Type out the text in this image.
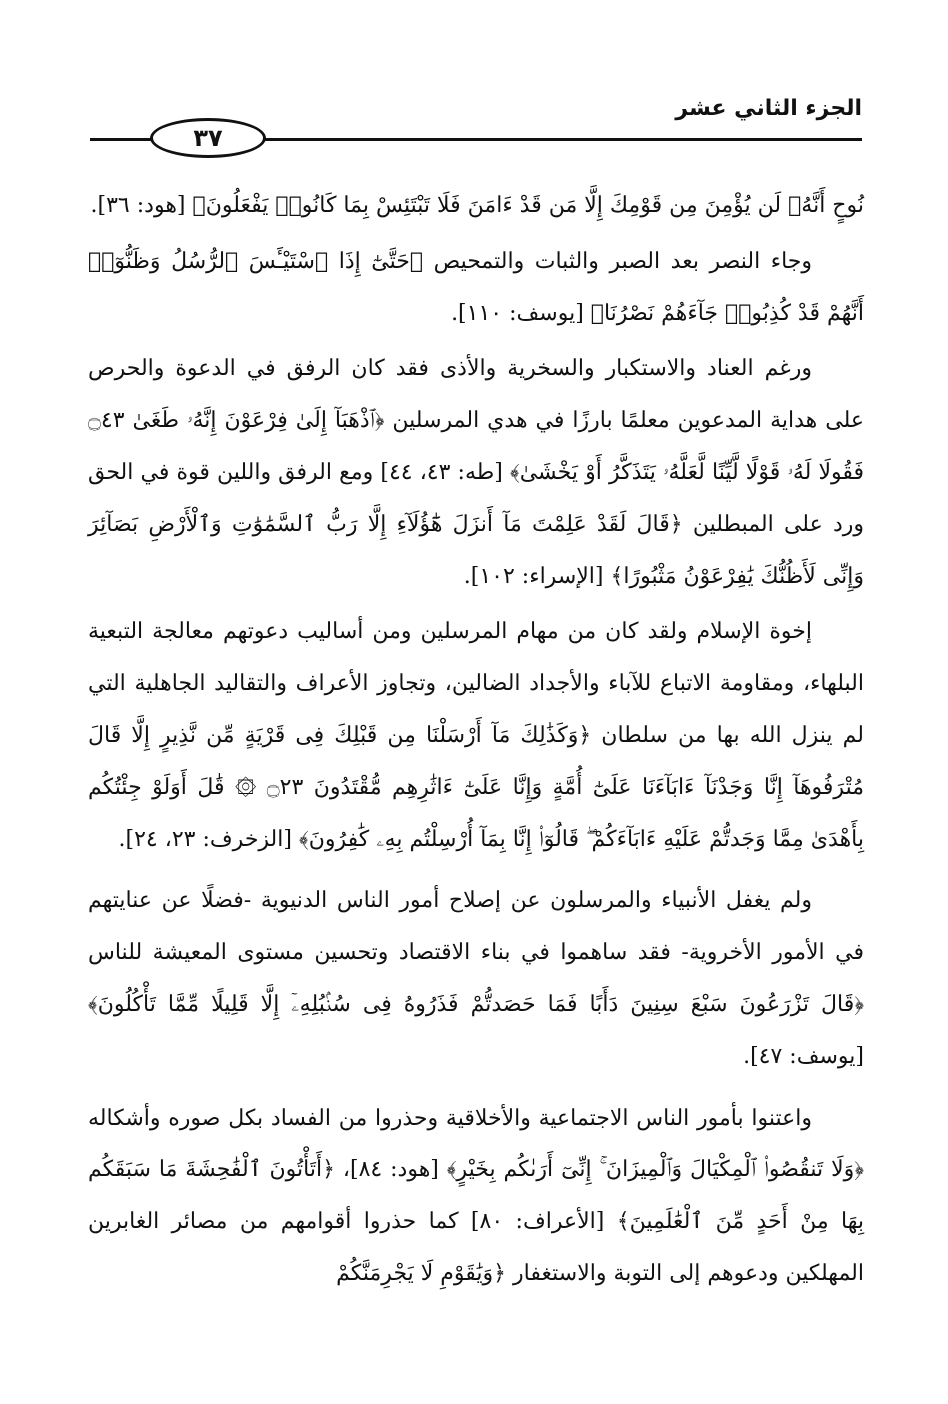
الجزء الثاني عشر
٣٧

نُوحٍ أَنَّهُۥ لَن يُؤْمِنَ مِن قَوْمِكَ إِلَّا مَن قَدْ ءَامَنَ فَلَا تَبْتَئِسْ بِمَا كَانُوا۟ يَفْعَلُونَ﴾ [هود: ٣٦].

وجاء النصر بعد الصبر والثبات والتمحيص ﴿حَتَّىٰٓ إِذَا ٱسْتَيْـَٔسَ ٱلرُّسُلُ وَظَنُّوٓا۟ أَنَّهُمْ قَدْ كُذِبُوا۟ جَآءَهُمْ نَصْرُنَا﴾ [يوسف: ١١٠].

ورغم العناد والاستكبار والسخرية والأذى فقد كان الرفق في الدعوة والحرص على هداية المدعوين معلمًا بارزًا في هدي المرسلين ﴿ٱذْهَبَآ إِلَىٰ فِرْعَوْنَ إِنَّهُۥ طَغَىٰ ۝٤٣ فَقُولَا لَهُۥ قَوْلًا لَّيِّنًا لَّعَلَّهُۥ يَتَذَكَّرُ أَوْ يَخْشَىٰ﴾ [طه: ٤٣، ٤٤] ومع الرفق واللين قوة في الحق ورد على المبطلين ﴿قَالَ لَقَدْ عَلِمْتَ مَآ أَنزَلَ هَٰٓؤُلَآءِ إِلَّا رَبُّ ٱلسَّمَٰوَٰتِ وَٱلْأَرْضِ بَصَآئِرَ وَإِنِّى لَأَظُنُّكَ يَٰفِرْعَوْنُ مَثْبُورًا﴾ [الإسراء: ١٠٢].

إخوة الإسلام ولقد كان من مهام المرسلين ومن أساليب دعوتهم معالجة التبعية البلهاء، ومقاومة الاتباع للآباء والأجداد الضالين، وتجاوز الأعراف والتقاليد الجاهلية التي لم ينزل الله بها من سلطان ﴿وَكَذَٰلِكَ مَآ أَرْسَلْنَا مِن قَبْلِكَ فِى قَرْيَةٍ مِّن نَّذِيرٍ إِلَّا قَالَ مُتْرَفُوهَآ إِنَّا وَجَدْنَآ ءَابَآءَنَا عَلَىٰٓ أُمَّةٍ وَإِنَّا عَلَىٰٓ ءَاثَٰرِهِم مُّقْتَدُونَ ۝٢٣ ۞ قَٰلَ أَوَلَوْ جِئْتُكُم بِأَهْدَىٰ مِمَّا وَجَدتُّمْ عَلَيْهِ ءَابَآءَكُمْ ۖ قَالُوٓا۟ إِنَّا بِمَآ أُرْسِلْتُم بِهِۦ كَٰفِرُونَ﴾ [الزخرف: ٢٣، ٢٤].

ولم يغفل الأنبياء والمرسلون عن إصلاح أمور الناس الدنيوية -فضلًا عن عنايتهم في الأمور الأخروية- فقد ساهموا في بناء الاقتصاد وتحسين مستوى المعيشة للناس ﴿قَالَ تَزْرَعُونَ سَبْعَ سِنِينَ دَأَبًا فَمَا حَصَدتُّمْ فَذَرُوهُ فِى سُنۢبُلِهِۦٓ إِلَّا قَلِيلًا مِّمَّا تَأْكُلُونَ﴾ [يوسف: ٤٧].

واعتنوا بأمور الناس الاجتماعية والأخلاقية وحذروا من الفساد بكل صوره وأشكاله ﴿وَلَا تَنقُصُوا۟ ٱلْمِكْيَالَ وَٱلْمِيزَانَ ۚ إِنِّىٓ أَرَىٰكُم بِخَيْرٍ﴾ [هود: ٨٤]، ﴿أَتَأْتُونَ ٱلْفَٰحِشَةَ مَا سَبَقَكُم بِهَا مِنْ أَحَدٍ مِّنَ ٱلْعَٰلَمِينَ﴾ [الأعراف: ٨٠] كما حذروا أقوامهم من مصائر الغابرين المهلكين ودعوهم إلى التوبة والاستغفار ﴿وَيَٰقَوْمِ لَا يَجْرِمَنَّكُمْ
